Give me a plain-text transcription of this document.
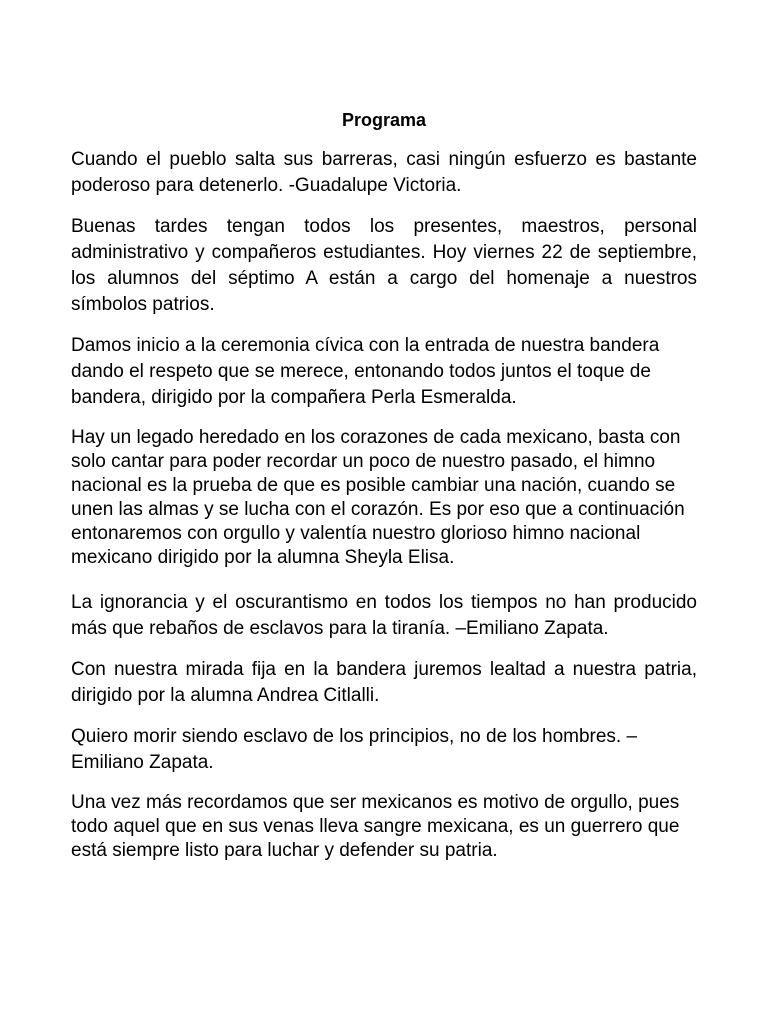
Programa

Cuando el pueblo salta sus barreras, casi ningún esfuerzo es bastante poderoso para detenerlo. -Guadalupe Victoria.

Buenas tardes tengan todos los presentes, maestros, personal administrativo y compañeros estudiantes. Hoy viernes 22 de septiembre, los alumnos del séptimo A están a cargo del homenaje a nuestros símbolos patrios.

Damos inicio a la ceremonia cívica con la entrada de nuestra bandera dando el respeto que se merece, entonando todos juntos el toque de bandera, dirigido por la compañera Perla Esmeralda.

Hay un legado heredado en los corazones de cada mexicano, basta con solo cantar para poder recordar un poco de nuestro pasado, el himno nacional es la prueba de que es posible cambiar una nación, cuando se unen las almas y se lucha con el corazón. Es por eso que a continuación entonaremos con orgullo y valentía nuestro glorioso himno nacional mexicano dirigido por la alumna Sheyla Elisa.

La ignorancia y el oscurantismo en todos los tiempos no han producido más que rebaños de esclavos para la tiranía. –Emiliano Zapata.

Con nuestra mirada fija en la bandera juremos lealtad a nuestra patria, dirigido por la alumna Andrea Citlalli.

Quiero morir siendo esclavo de los principios, no de los hombres. –Emiliano Zapata.

Una vez más recordamos que ser mexicanos es motivo de orgullo, pues todo aquel que en sus venas lleva sangre mexicana, es un guerrero que está siempre listo para luchar y defender su patria.
